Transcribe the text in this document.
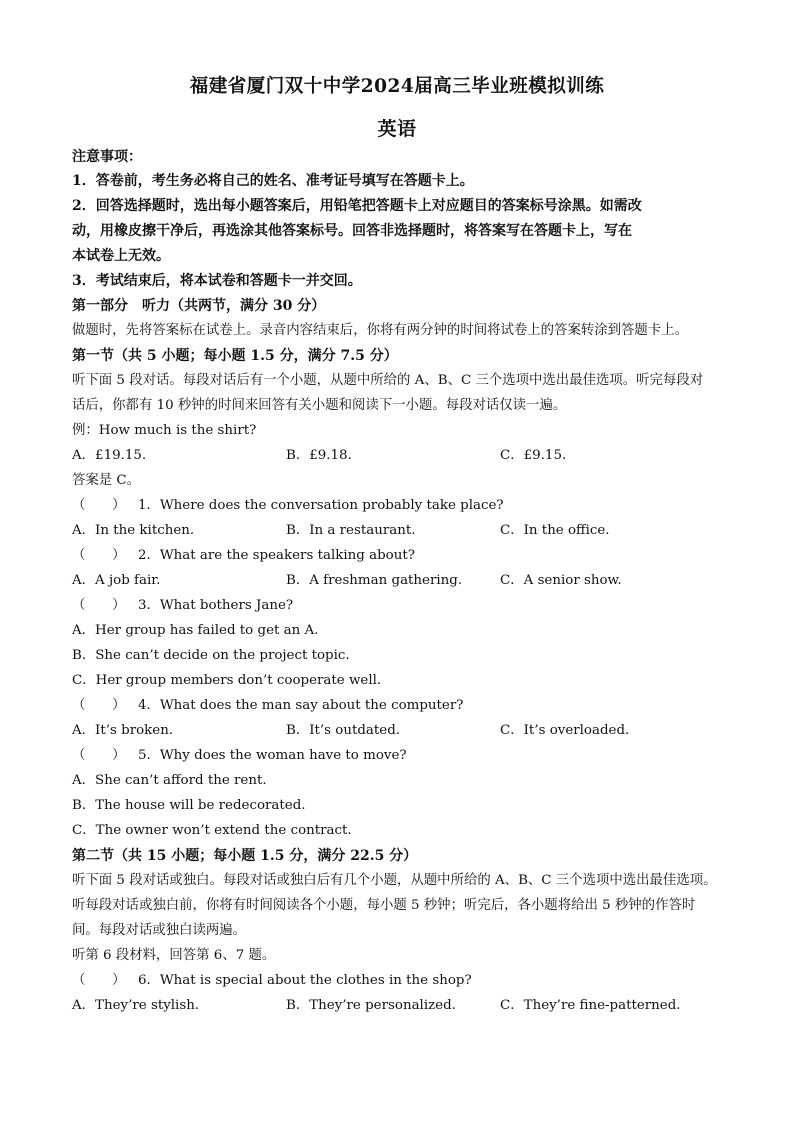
福建省厦门双十中学2024届高三毕业班模拟训练
英语
注意事项：
1．答卷前，考生务必将自己的姓名、准考证号填写在答题卡上。
2．回答选择题时，选出每小题答案后，用铅笔把答题卡上对应题目的答案标号涂黑。如需改
动，用橡皮擦干净后，再选涂其他答案标号。回答非选择题时，将答案写在答题卡上，写在
本试卷上无效。
3．考试结束后，将本试卷和答题卡一并交回。
第一部分　听力（共两节，满分 30 分）
做题时，先将答案标在试卷上。录音内容结束后，你将有两分钟的时间将试卷上的答案转涂到答题卡上。
第一节（共 5 小题；每小题 1.5 分，满分 7.5 分）
听下面 5 段对话。每段对话后有一个小题，从题中所给的 A、B、C 三个选项中选出最佳选项。听完每段对
话后，你都有 10 秒钟的时间来回答有关小题和阅读下一小题。每段对话仅读一遍。
例：How much is the shirt?
A．£19.15.	B．£9.18.	C．£9.15.
答案是 C。
（　　） 1．Where does the conversation probably take place?
A．In the kitchen.	B．In a restaurant.	C．In the office.
（　　） 2．What are the speakers talking about?
A．A job fair.	B．A freshman gathering.	C．A senior show.
（　　） 3．What bothers Jane?
A．Her group has failed to get an A.
B．She can’t decide on the project topic.
C．Her group members don’t cooperate well.
（　　） 4．What does the man say about the computer?
A．It’s broken.	B．It’s outdated.	C．It’s overloaded.
（　　） 5．Why does the woman have to move?
A．She can’t afford the rent.
B．The house will be redecorated.
C．The owner won’t extend the contract.
第二节（共 15 小题；每小题 1.5 分，满分 22.5 分）
听下面 5 段对话或独白。每段对话或独白后有几个小题，从题中所给的 A、B、C 三个选项中选出最佳选项。
听每段对话或独白前，你将有时间阅读各个小题，每小题 5 秒钟；听完后，各小题将给出 5 秒钟的作答时
间。每段对话或独白读两遍。
听第 6 段材料，回答第 6、7 题。
（　　） 6．What is special about the clothes in the shop?
A．They’re stylish.	B．They’re personalized.	C．They’re fine-patterned.
